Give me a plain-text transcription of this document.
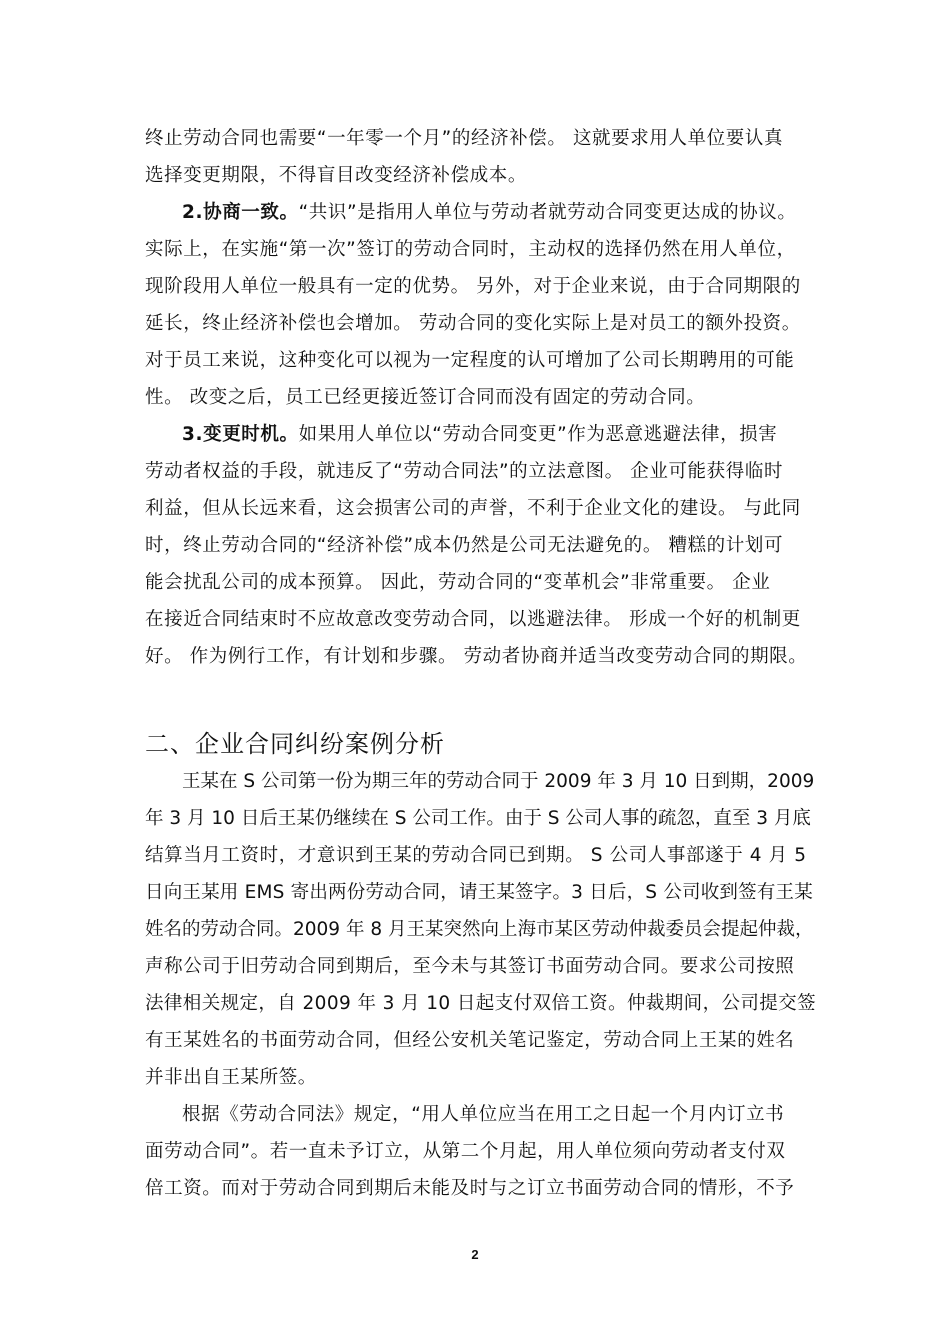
终止劳动合同也需要“一年零一个月”的经济补偿。 这就要求用人单位要认真
选择变更期限，不得盲目改变经济补偿成本。
2.协商一致。“共识”是指用人单位与劳动者就劳动合同变更达成的协议。
实际上，在实施“第一次”签订的劳动合同时，主动权的选择仍然在用人单位，
现阶段用人单位一般具有一定的优势。 另外，对于企业来说，由于合同期限的
延长，终止经济补偿也会增加。 劳动合同的变化实际上是对员工的额外投资。
对于员工来说，这种变化可以视为一定程度的认可增加了公司长期聘用的可能
性。 改变之后，员工已经更接近签订合同而没有固定的劳动合同。
3.变更时机。如果用人单位以“劳动合同变更”作为恶意逃避法律，损害
劳动者权益的手段，就违反了“劳动合同法”的立法意图。 企业可能获得临时
利益，但从长远来看，这会损害公司的声誉，不利于企业文化的建设。 与此同
时，终止劳动合同的“经济补偿”成本仍然是公司无法避免的。 糟糕的计划可
能会扰乱公司的成本预算。 因此，劳动合同的“变革机会”非常重要。 企业
在接近合同结束时不应故意改变劳动合同，以逃避法律。 形成一个好的机制更
好。 作为例行工作，有计划和步骤。 劳动者协商并适当改变劳动合同的期限。
二、企业合同纠纷案例分析
王某在 S 公司第一份为期三年的劳动合同于 2009 年 3 月 10 日到期，2009
年 3 月 10 日后王某仍继续在 S 公司工作。由于 S 公司人事的疏忽，直至 3 月底
结算当月工资时，才意识到王某的劳动合同已到期。 S 公司人事部遂于 4 月 5
日向王某用 EMS 寄出两份劳动合同，请王某签字。3 日后，S 公司收到签有王某
姓名的劳动合同。2009 年 8 月王某突然向上海市某区劳动仲裁委员会提起仲裁，
声称公司于旧劳动合同到期后，至今未与其签订书面劳动合同。要求公司按照
法律相关规定，自 2009 年 3 月 10 日起支付双倍工资。仲裁期间，公司提交签
有王某姓名的书面劳动合同，但经公安机关笔记鉴定，劳动合同上王某的姓名
并非出自王某所签。
根据《劳动合同法》规定，“用人单位应当在用工之日起一个月内订立书
面劳动合同”。若一直未予订立，从第二个月起，用人单位须向劳动者支付双
倍工资。而对于劳动合同到期后未能及时与之订立书面劳动合同的情形，不予
2
